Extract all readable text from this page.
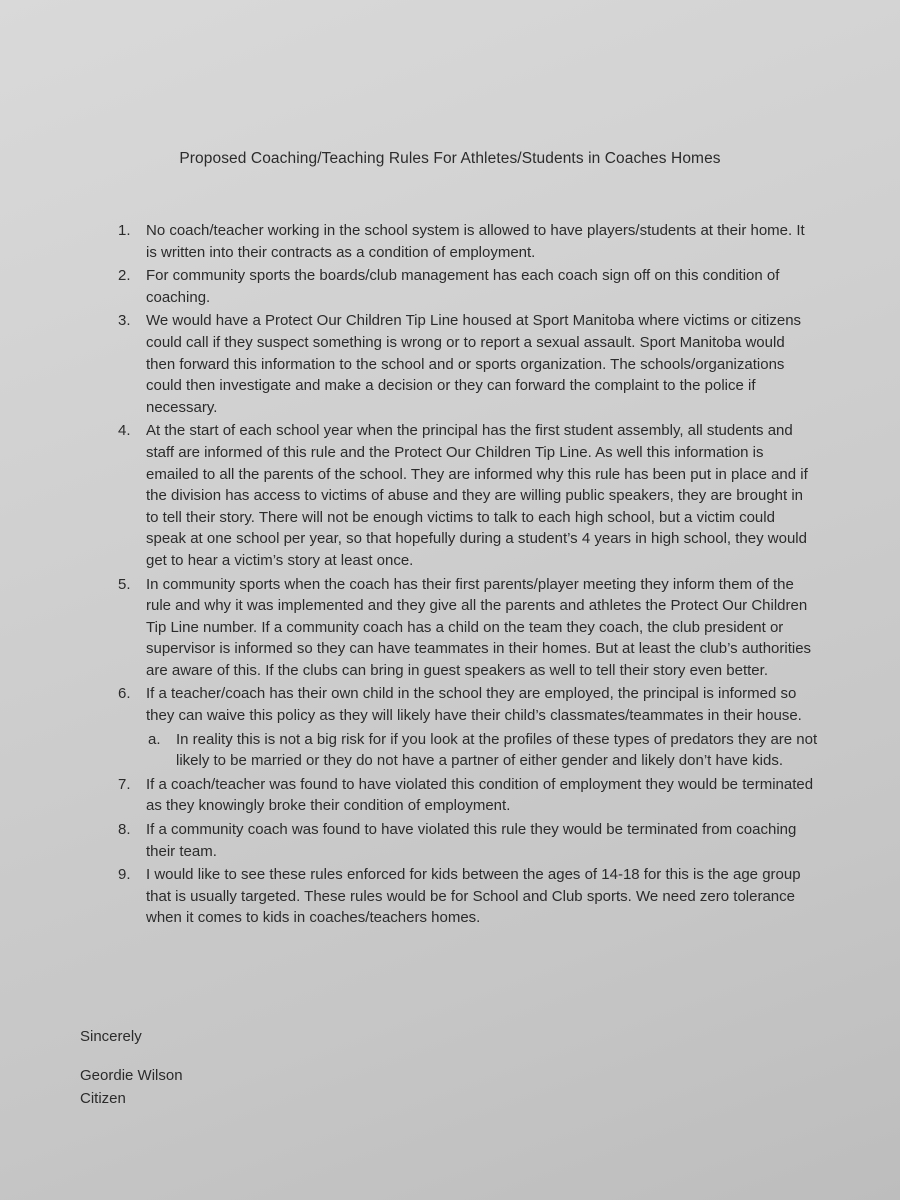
Proposed Coaching/Teaching Rules For Athletes/Students in Coaches Homes
1. No coach/teacher working in the school system is allowed to have players/students at their home. It is written into their contracts as a condition of employment.
2. For community sports the boards/club management has each coach sign off on this condition of coaching.
3. We would have a Protect Our Children Tip Line housed at Sport Manitoba where victims or citizens could call if they suspect something is wrong or to report a sexual assault. Sport Manitoba would then forward this information to the school and or sports organization. The schools/organizations could then investigate and make a decision or they can forward the complaint to the police if necessary.
4. At the start of each school year when the principal has the first student assembly, all students and staff are informed of this rule and the Protect Our Children Tip Line. As well this information is emailed to all the parents of the school. They are informed why this rule has been put in place and if the division has access to victims of abuse and they are willing public speakers, they are brought in to tell their story. There will not be enough victims to talk to each high school, but a victim could speak at one school per year, so that hopefully during a student’s 4 years in high school, they would get to hear a victim’s story at least once.
5. In community sports when the coach has their first parents/player meeting they inform them of the rule and why it was implemented and they give all the parents and athletes the Protect Our Children Tip Line number. If a community coach has a child on the team they coach, the club president or supervisor is informed so they can have teammates in their homes. But at least the club’s authorities are aware of this. If the clubs can bring in guest speakers as well to tell their story even better.
6. If a teacher/coach has their own child in the school they are employed, the principal is informed so they can waive this policy as they will likely have their child’s classmates/teammates in their house.
a. In reality this is not a big risk for if you look at the profiles of these types of predators they are not likely to be married or they do not have a partner of either gender and likely don’t have kids.
7. If a coach/teacher was found to have violated this condition of employment they would be terminated as they knowingly broke their condition of employment.
8. If a community coach was found to have violated this rule they would be terminated from coaching their team.
9. I would like to see these rules enforced for kids between the ages of 14-18 for this is the age group that is usually targeted. These rules would be for School and Club sports. We need zero tolerance when it comes to kids in coaches/teachers homes.
Sincerely
Geordie Wilson
Citizen
